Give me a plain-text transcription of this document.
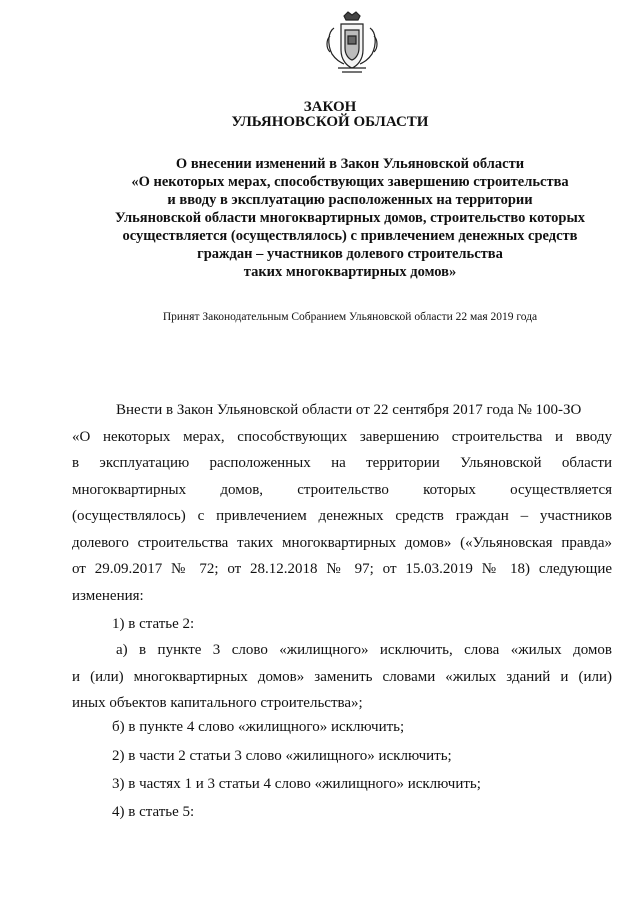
ЗАКОН
УЛЬЯНОВСКОЙ ОБЛАСТИ
О внесении изменений в Закон Ульяновской области
«О некоторых мерах, способствующих завершению строительства
и вводу в эксплуатацию расположенных на территории
Ульяновской области многоквартирных домов, строительство которых
осуществляется (осуществлялось) с привлечением денежных средств
граждан – участников долевого строительства
таких многоквартирных домов»
Принят Законодательным Собранием Ульяновской области 22 мая 2019 года
Внести в Закон Ульяновской области от 22 сентября 2017 года № 100-ЗО
«О некоторых мерах, способствующих завершению строительства и вводу
в эксплуатацию расположенных на территории Ульяновской области
многоквартирных домов, строительство которых осуществляется
(осуществлялось) с привлечением денежных средств граждан – участников
долевого строительства таких многоквартирных домов» («Ульяновская правда»
от 29.09.2017 № 72; от 28.12.2018 № 97; от 15.03.2019 № 18) следующие
изменения:
1) в статье 2:
а) в пункте 3 слово «жилищного» исключить, слова «жилых домов
и (или) многоквартирных домов» заменить словами «жилых зданий и (или)
иных объектов капитального строительства»;
б) в пункте 4 слово «жилищного» исключить;
2) в части 2 статьи 3 слово «жилищного» исключить;
3) в частях 1 и 3 статьи 4 слово «жилищного» исключить;
4) в статье 5:
